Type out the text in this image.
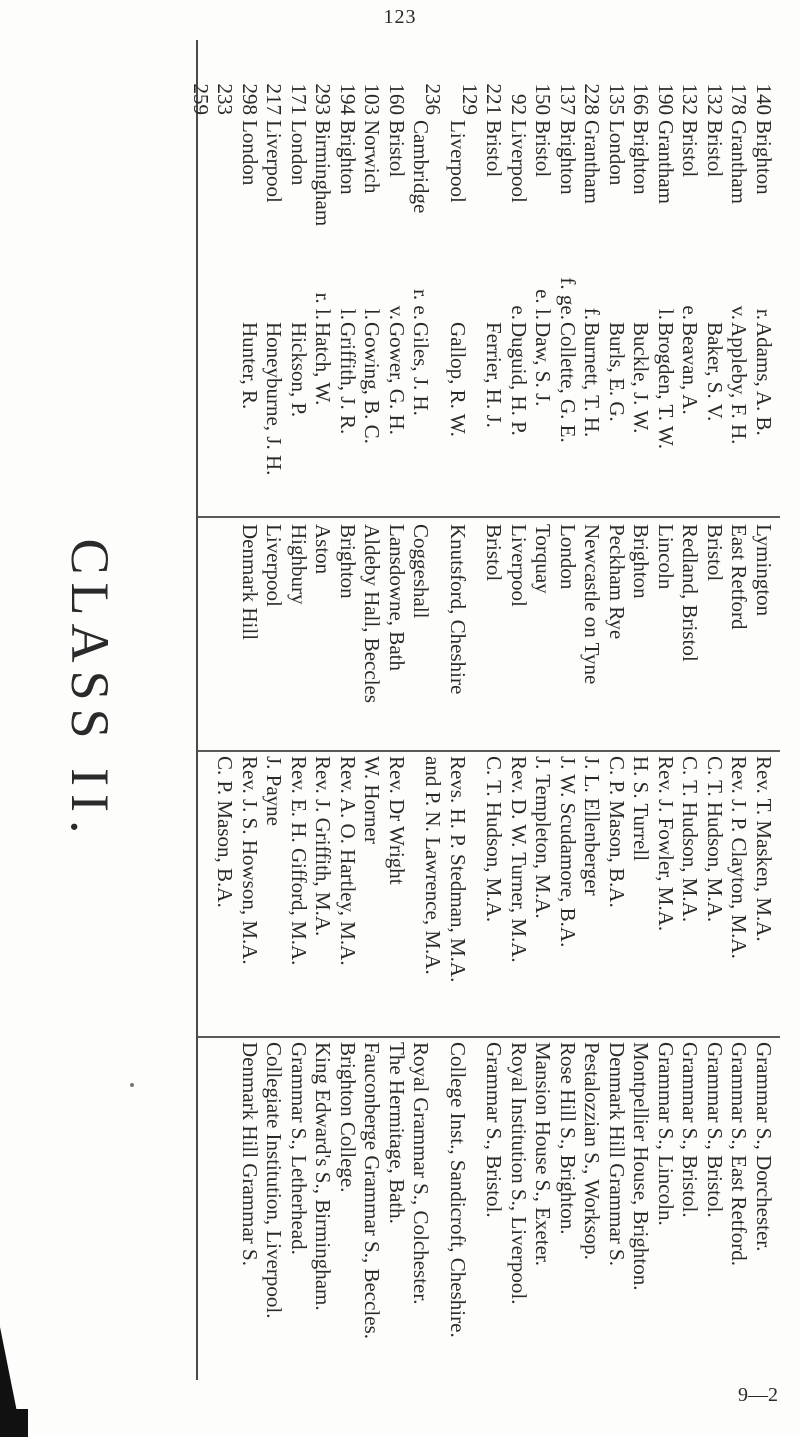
123
CLASS II.
140
178
132
132
190
166
135
228
137
150
92
221
129
236
160
103
194
293
171
217
298
233
259
Brighton
Grantham
Bristol
Bristol
Grantham
Brighton
London
Grantham
Brighton
Bristol
Liverpool
Bristol
Liverpool
Cambridge
Bristol
Norwich
Brighton
Birmingham
London
Liverpool
London
r.
v.
e.
l.
f.
f. ge.
e. l.
e.
r. e.
v.
l.
l.
r. l.
Adams, A. B.
Appleby, F. H.
Baker, S. V.
Beavan, A.
Brogden, T. W.
Buckle, J. W.
Burls, E. G.
Burnett, T. H.
Collette, G. E.
Daw, S. J.
Duguid, H. P.
Ferrier, H. J.
Gallop, R. W.
Giles, J. H.
Gower, G. H.
Gowing, B. C.
Griffith, J. R.
Hatch, W.
Hickson, P.
Honeyburne, J. H.
Hunter, R.
Lymington
East Retford
Bristol
Redland, Bristol
Lincoln
Brighton
Peckham Rye
Newcastle on Tyne
London
Torquay
Liverpool
Bristol
Knutsford, Cheshire
Coggeshall
Lansdowne, Bath
Aldeby Hall, Beccles
Brighton
Aston
Highbury
Liverpool
Denmark Hill
Rev. T. Masken, M.A.
Rev. J. P. Clayton, M.A.
C. T. Hudson, M.A.
C. T. Hudson, M.A.
Rev. J. Fowler, M.A.
H. S. Turrell
C. P. Mason, B.A.
J. L. Ellenberger
J. W. Scudamore, B.A.
J. Templeton, M.A.
Rev. D. W. Turner, M.A.
C. T. Hudson, M.A.
Revs. H. P. Stedman, M.A.
and P. N. Lawrence, M.A.
Rev. Dr Wright
W. Horner
Rev. A. O. Hartley, M.A.
Rev. J. Griffith, M.A.
Rev. E. H. Gifford, M.A.
J. Payne
Rev. J. S. Howson, M.A.
C. P. Mason, B.A.
Grammar S., Dorchester.
Grammar S., East Retford.
Grammar S., Bristol.
Grammar S., Bristol.
Grammar S., Lincoln.
Montpellier House, Brighton.
Denmark Hill Grammar S.
Pestalozzian S., Worksop.
Rose Hill S., Brighton.
Mansion House S., Exeter.
Royal Institution S., Liverpool.
Grammar S., Bristol.
College Inst., Sandicroft, Cheshire.
Royal Grammar S., Colchester.
The Hermitage, Bath.
Fauconberge Grammar S., Beccles.
Brighton College.
King Edward's S., Birmingham.
Grammar S., Letherhead.
Collegiate Institution, Liverpool.
Denmark Hill Grammar S.
9—2
